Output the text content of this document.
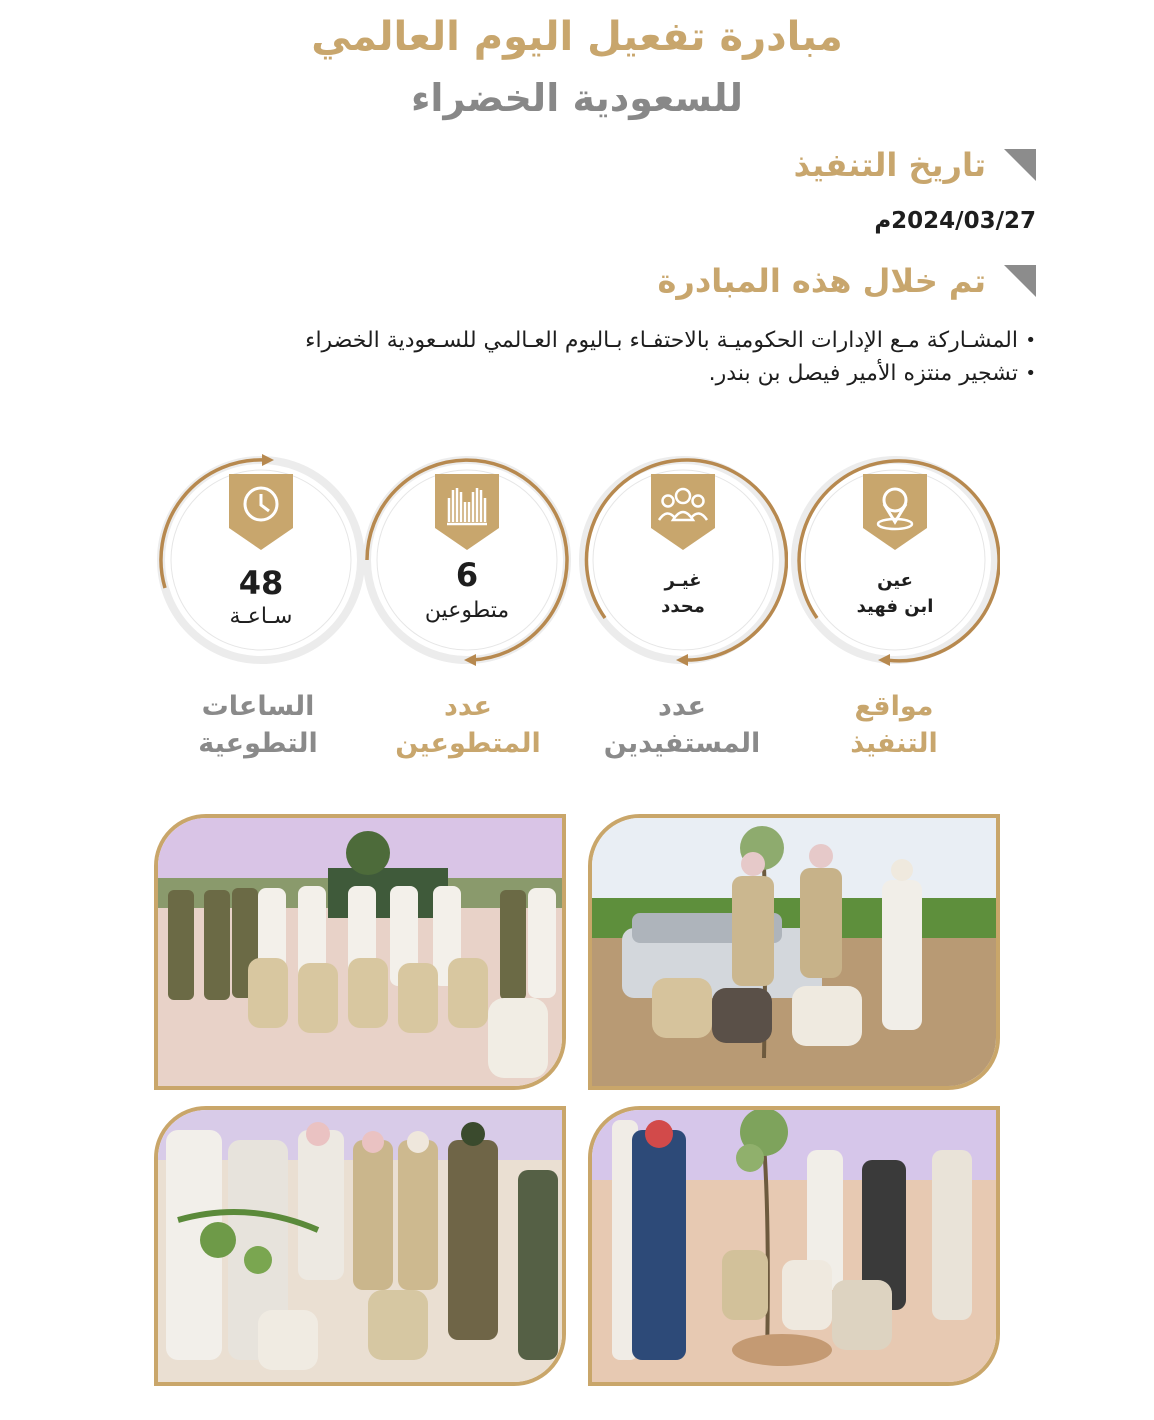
مبادرة تفعيل اليوم العالمي
للسعودية الخضراء
تاريخ التنفيذ
2024/03/27م
تم خلال هذه المبادرة
• المشـاركة مـع الإدارات الحكوميـة بالاحتفـاء بـاليوم العـالمي للسـعودية الخضراء
• تشجير منتزه الأمير فيصل بن بندر.
عين
ابن فهيد
غيـر
محدد
6
متطوعين
48
سـاعـة
مواقع
التنفيذ
عدد
المستفيدين
عدد
المتطوعين
الساعات
التطوعية
